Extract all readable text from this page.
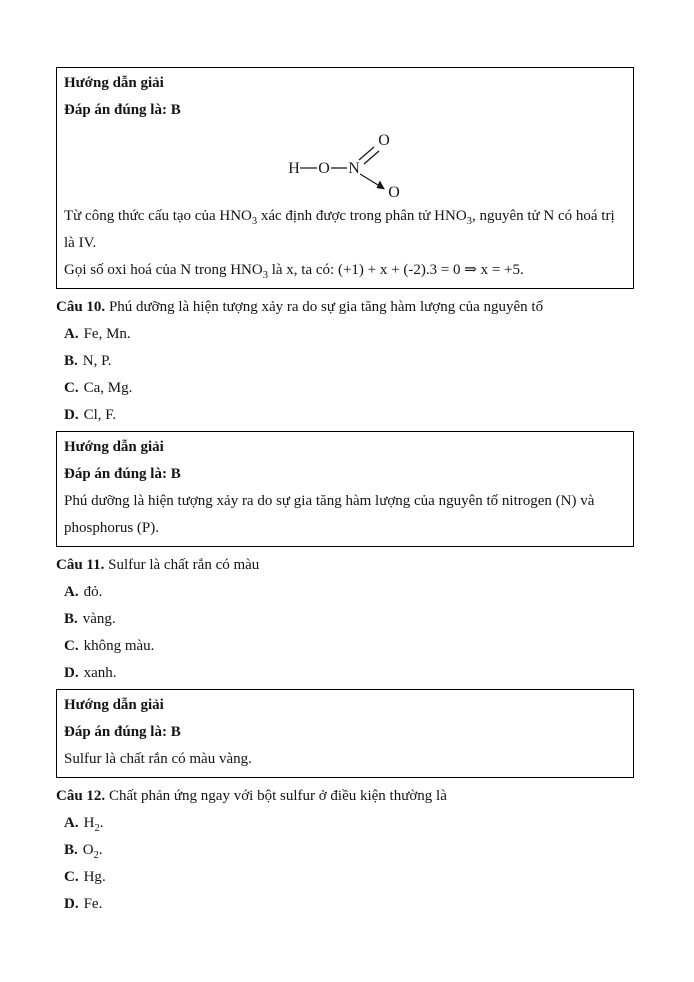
Hướng dẫn giải

Đáp án đúng là: B

H O N
O
O

Từ công thức cấu tạo của $HNO_3$ xác định được trong phân tử $HNO_3$, nguyên tử N có hoá trị là IV.

Gọi số oxi hoá của N trong $HNO_3$ là x, ta có: (+1) + x + (-2).3 = 0 ⇒ x = +5.

Câu 10. Phú dưỡng là hiện tượng xảy ra do sự gia tăng hàm lượng của nguyên tố

A. Fe, Mn.

B. N, P.

C. Ca, Mg.

D. Cl, F.

Hướng dẫn giải

Đáp án đúng là: B

Phú dưỡng là hiện tượng xảy ra do sự gia tăng hàm lượng của nguyên tố nitrogen (N) và phosphorus (P).

Câu 11. Sulfur là chất rắn có màu

A. đỏ.

B. vàng.

C. không màu.

D. xanh.

Hướng dẫn giải

Đáp án đúng là: B

Sulfur là chất rắn có màu vàng.

Câu 12. Chất phản ứng ngay với bột sulfur ở điều kiện thường là

A. $H_2$.

B. $O_2$.

C. Hg.

D. Fe.
